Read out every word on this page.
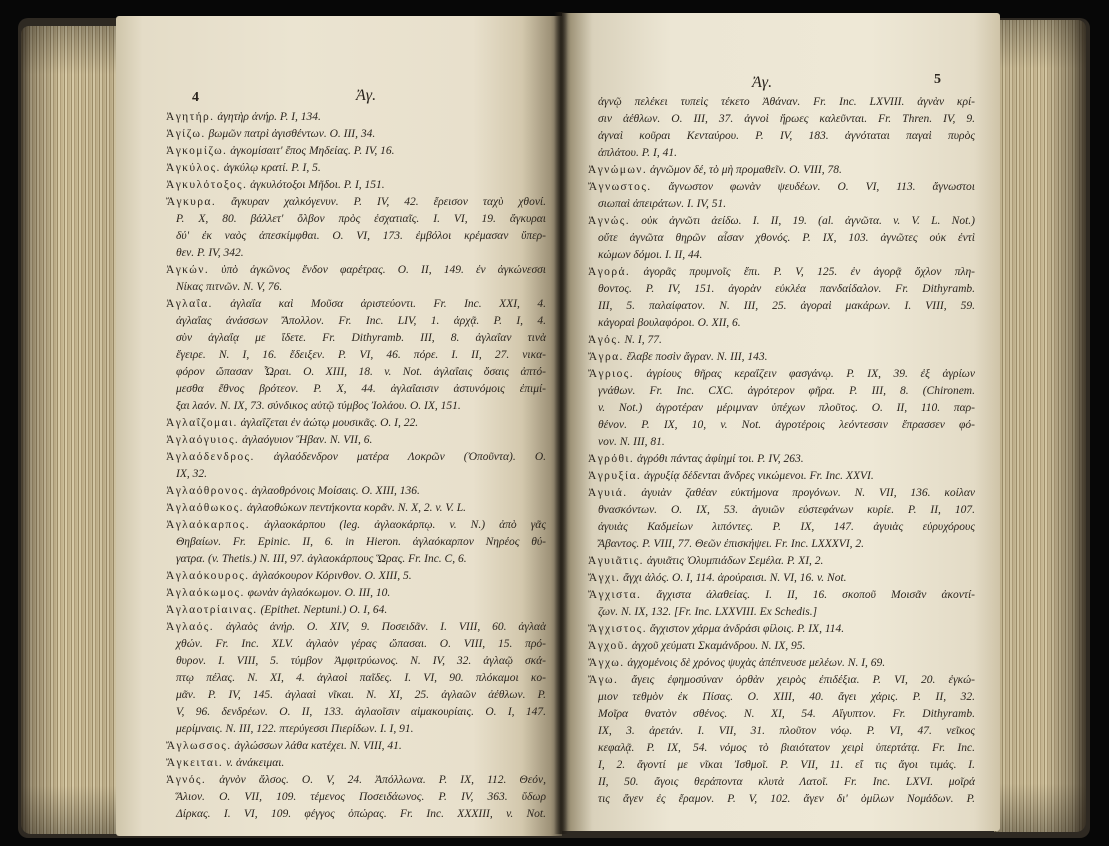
4	Ἀγ.
Ἀγητήρ. ἀγητὴρ ἀνήρ. P. I, 134.
Ἁγίζω. βωμῶν πατρὶ ἁγισθέντων. O. III, 34.
Ἀγκομίζω. ἀγκομίσαιτ' ἔπος Μηδείας. P. IV, 16.
Ἀγκύλος. ἀγκύλῳ κρατί. P. I, 5.
Ἀγκυλότοξος. ἀγκυλότοξοι Μῆδοι. P. I, 151.
Ἄγκυρα. ἄγκυραν χαλκόγενυν. P. IV, 42. ἔρεισον ταχὺ χθονί.
P. X, 80. βάλλετ' ὄλβον πρὸς ἐσχατιαῖς. I. VI, 19. ἄγκυραι
δύ' ἐκ ναὸς ἀπεσκίμφθαι. O. VI, 173. ἐμβόλοι κρέμασαν ὕπερ-
θεν. P. IV, 342.
Ἀγκών. ὑπὸ ἀγκῶνος ἔνδον φαρέτρας. O. II, 149. ἐν ἀγκώνεσσι
Νίκας πιτνῶν. N. V, 76.
Ἀγλαΐα. ἀγλαΐα καὶ Μοῦσα ἀριστεύοντι. Fr. Inc. XXI, 4.
ἀγλαΐας ἀνάσσων Ἄπολλον. Fr. Inc. LIV, 1. ἀρχᾷ. P. I, 4.
σὺν ἀγλαΐᾳ με ἴδετε. Fr. Dithyramb. III, 8. ἀγλαΐαν τινὰ
ἔγειρε. N. I, 16. ἔδειξεν. P. VI, 46. πόρε. I. II, 27. νικα-
φόρον ὤπασαν Ὧραι. O. XIII, 18. v. Not. ἀγλαΐαις ὅσαις ἁπτό-
μεσθα ἔθνος βρότεον. P. X, 44. ἀγλαΐαισιν ἀστυνόμοις ἐπιμί-
ξαι λαόν. N. IX, 73. σύνδικος αὐτῷ τύμβος Ἰολάου. O. IX, 151.
Ἀγλαΐζομαι. ἀγλαΐζεται ἐν ἀώτῳ μουσικᾶς. O. I, 22.
Ἀγλαόγυιος. ἀγλαόγυιον Ἥβαν. N. VII, 6.
Ἀγλαόδενδρος. ἀγλαόδενδρον ματέρα Λοκρῶν (Ὀποῦντα). O.
IX, 32.
Ἀγλαόθρονος. ἀγλαοθρόνοις Μοίσαις. O. XIII, 136.
Ἀγλαόθωκος. ἀγλαοθώκων πεντήκοντα κορᾶν. N. X, 2. v. V. L.
Ἀγλαόκαρπος. ἀγλαοκάρπου (leg. ἀγλαοκάρπῳ. v. N.) ἀπὸ γᾶς
Θηβαίων. Fr. Epinic. II, 6. in Hieron. ἀγλαόκαρπον Νηρέος θύ-
γατρα. (v. Thetis.) N. III, 97. ἀγλαοκάρπους Ὥρας. Fr. Inc. C, 6.
Ἀγλαόκουρος. ἀγλαόκουρον Κόρινθον. O. XIII, 5.
Ἀγλαόκωμος. φωνὰν ἀγλαόκωμον. O. III, 10.
Ἀγλαοτρίαινας. (Epithet. Neptuni.) O. I, 64.
Ἀγλαός. ἀγλαὸς ἀνήρ. O. XIV, 9. Ποσειδᾶν. I. VIII, 60. ἀγλαὰ
χθών. Fr. Inc. XLV. ἀγλαὸν γέρας ὤπασαι. O. VIII, 15. πρό-
θυρον. I. VIII, 5. τύμβον Ἀμφιτρύωνος. N. IV, 32. ἀγλαῷ σκά-
πτῳ πέλας. N. XI, 4. ἀγλαοὶ παῖδες. I. VI, 90. πλόκαμοι κο-
μᾶν. P. IV, 145. ἀγλααὶ νῖκαι. N. XI, 25. ἀγλαῶν ἀέθλων. P.
V, 96. δενδρέων. O. II, 133. ἀγλαοῖσιν αἱμακουρίαις. O. I, 147.
μερίμναις. N. III, 122. πτερύγεσσι Πιερίδων. I. I, 91.
Ἄγλωσσος. ἀγλώσσων λάθα κατέχει. N. VIII, 41.
Ἄγκειται. v. ἀνάκειμαι.
Ἁγνός. ἁγνὸν ἄλσος. O. V, 24. Ἀπόλλωνα. P. IX, 112. Θεόν,
Ἅλιον. O. VII, 109. τέμενος Ποσειδάωνος. P. IV, 363. ὕδωρ
Δίρκας. I. VI, 109. φέγγος ὀπώρας. Fr. Inc. XXXIII, v. Not.
Ἀγ.	5
ἁγνῷ πελέκει τυπεὶς τέκετο Ἀθάναν. Fr. Inc. LXVIII. ἁγνὰν κρί-
σιν ἀέθλων. O. III, 37. ἁγνοὶ ἥρωες καλεῦνται. Fr. Thren. IV, 9.
ἁγναὶ κοῦραι Κενταύρου. P. IV, 183. ἁγνόταται παγαὶ πυρὸς
ἀπλάτου. P. I, 41.
Ἀγνώμων. ἀγνῶμον δέ, τὸ μὴ προμαθεῖν. O. VIII, 78.
Ἄγνωστος. ἄγνωστον φωνὰν ψευδέων. O. VI, 113. ἄγνωστοι
σιωπαὶ ἀπειράτων. I. IV, 51.
Ἀγνώς. οὐκ ἀγνῶτι ἀείδω. I. II, 19. (al. ἀγνῶτα. v. V. L. Not.)
οὔτε ἀγνῶτα θηρῶν αἶσαν χθονός. P. IX, 103. ἀγνῶτες οὐκ ἐντὶ
κώμων δόμοι. I. II, 44.
Ἀγορά. ἀγορᾶς πρυμνοῖς ἔπι. P. V, 125. ἐν ἀγορᾷ ὄχλον πλη-
θοντος. P. IV, 151. ἀγορὰν εὐκλέα πανδαίδαλον. Fr. Dithyramb.
III, 5. παλαίφατον. N. III, 25. ἀγοραὶ μακάρων. I. VIII, 59.
κἀγοραὶ βουλαφόροι. O. XII, 6.
Ἀγός. N. I, 77.
Ἄγρα. ἔλαβε ποσὶν ἄγραν. N. III, 143.
Ἄγριος. ἀγρίους θῆρας κεραΐζειν φασγάνῳ. P. IX, 39. ἐξ ἀγρίων
γνάθων. Fr. Inc. CXC. ἀγρότερον φῆρα. P. III, 8. (Chironem.
v. Not.) ἀγροτέραν μέριμναν ὑπέχων πλοῦτος. O. II, 110. παρ-
θένον. P. IX, 10, v. Not. ἀγροτέροις λεόντεσσιν ἔπρασσεν φό-
νον. N. III, 81.
Ἀγρόθι. ἀγρόθι πάντας ἀφίημί τοι. P. IV, 263.
Ἀγρυξία. ἀγρυξίᾳ δέδενται ἄνδρες νικώμενοι. Fr. Inc. XXVI.
Ἀγυιά. ἀγυιὰν ζαθέαν εὐκτήμονα προγόνων. N. VII, 136. κοίλαν
θνασκόντων. O. IX, 53. ἀγυιῶν εὐστεφάνων κυρίε. P. II, 107.
ἀγυιὰς Καδμείων λιπόντες. P. IX, 147. ἀγυιὰς εὐρυχόρους
Ἄβαντος. P. VIII, 77. Θεῶν ἐπισκήψει. Fr. Inc. LXXXVI, 2.
Ἀγυιᾶτις. ἀγυιᾶτις Ὀλυμπιάδων Σεμέλα. P. XI, 2.
Ἄγχι. ἄγχι ἁλός. O. I, 114. ἀρούραισι. N. VI, 16. v. Not.
Ἄγχιστα. ἄγχιστα ἀλαθείας. I. II, 16. σκοποῦ Μοισᾶν ἀκοντί-
ζων. N. IX, 132. [Fr. Inc. LXXVIII. Ex Schedis.]
Ἄγχιστος. ἄγχιστον χάρμα ἀνδράσι φίλοις. P. IX, 114.
Ἀγχοῦ. ἀγχοῦ χεύματι Σκαμάνδρου. N. IX, 95.
Ἄγχω. ἀγχομένοις δὲ χρόνος ψυχὰς ἀπέπνευσε μελέων. N. I, 69.
Ἄγω. ἄγεις ἐφημοσύναν ὀρθὰν χειρὸς ἐπιδέξια. P. VI, 20. ἐγκώ-
μιον τεθμὸν ἐκ Πίσας. O. XIII, 40. ἄγει χάρις. P. II, 32.
Μοῖρα θνατὸν σθένος. N. XI, 54. Αἴγυπτον. Fr. Dithyramb.
IX, 3. ἀρετάν. I. VII, 31. πλοῦτον νόῳ. P. VI, 47. νεῖκος
κεφαλᾷ. P. IX, 54. νόμος τὸ βιαιότατον χειρὶ ὑπερτάτᾳ. Fr. Inc.
I, 2. ἄγοντί με νῖκαι Ἰσθμοῖ. P. VII, 11. εἴ τις ἄγοι τιμάς. I.
II, 50. ἄγοις θεράποντα κλυτὰ Λατοῖ. Fr. Inc. LXVI. μοῖρά
τις ἄγεν ἐς ἔραμον. P. V, 102. ἄγεν δι' ὁμίλων Νομάδων. P.
